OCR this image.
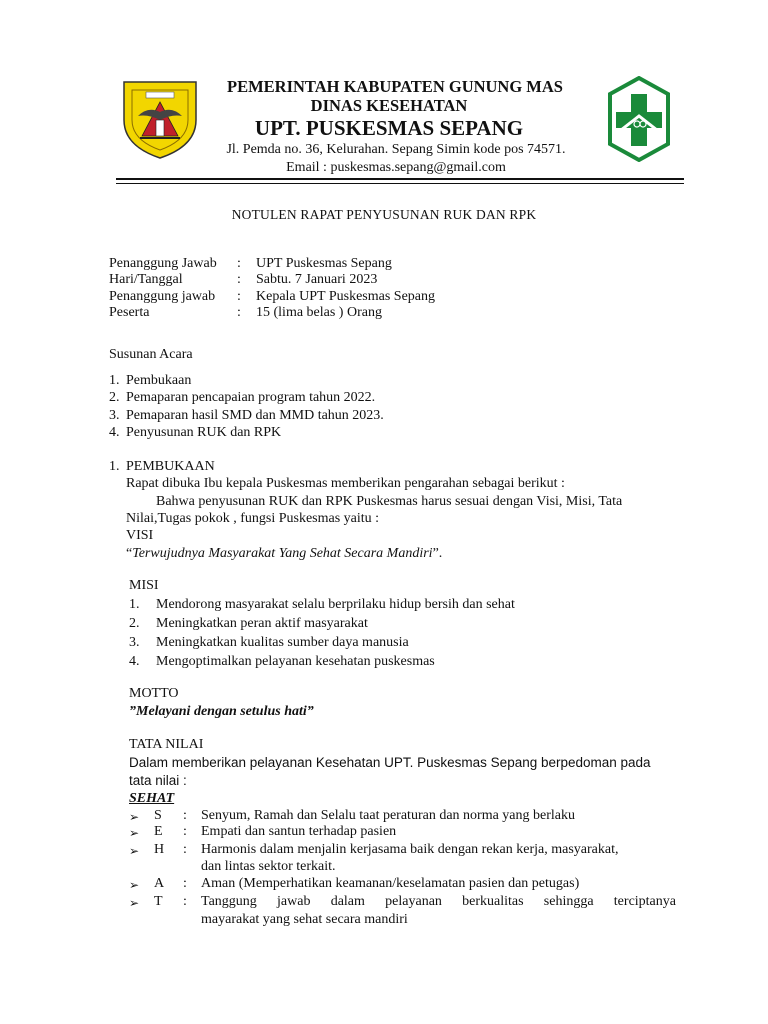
PEMERINTAH KABUPATEN GUNUNG MAS
DINAS KESEHATAN
UPT. PUSKESMAS SEPANG
Jl. Pemda no. 36, Kelurahan. Sepang Simin kode pos 74571.
Email : puskesmas.sepang@gmail.com
NOTULEN RAPAT PENYUSUNAN RUK DAN RPK
Penanggung Jawab : UPT Puskesmas Sepang
Hari/Tanggal	: Sabtu. 7 Januari 2023
Penanggung jawab : Kepala UPT Puskesmas Sepang
Peserta	: 15 (lima belas ) Orang
Susunan Acara
1. Pembukaan
2. Pemaparan pencapaian program tahun 2022.
3. Pemaparan hasil SMD dan MMD tahun 2023.
4. Penyusunan RUK dan RPK
1. PEMBUKAAN
Rapat dibuka Ibu kepala Puskesmas memberikan pengarahan sebagai berikut :
Bahwa penyusunan RUK dan RPK Puskesmas harus sesuai dengan Visi, Misi, Tata
Nilai,Tugas pokok , fungsi Puskesmas yaitu :
VISI
“Terwujudnya Masyarakat Yang Sehat Secara Mandiri”.
MISI
1. Mendorong masyarakat selalu berprilaku hidup bersih dan sehat
2. Meningkatkan peran aktif masyarakat
3. Meningkatkan kualitas sumber daya manusia
4. Mengoptimalkan pelayanan kesehatan puskesmas
MOTTO
”Melayani dengan setulus hati”
TATA NILAI
Dalam memberikan pelayanan Kesehatan UPT. Puskesmas Sepang berpedoman pada
tata nilai :
SEHAT
➢ S : Senyum, Ramah dan Selalu taat peraturan dan norma yang berlaku
➢ E : Empati dan santun terhadap pasien
➢ H : Harmonis dalam menjalin kerjasama baik dengan rekan kerja, masyarakat,
dan lintas sektor terkait.
➢ A : Aman (Memperhatikan keamanan/keselamatan pasien dan petugas)
➢ T : Tanggung jawab dalam pelayanan berkualitas sehingga terciptanya
mayarakat yang sehat secara mandiri
